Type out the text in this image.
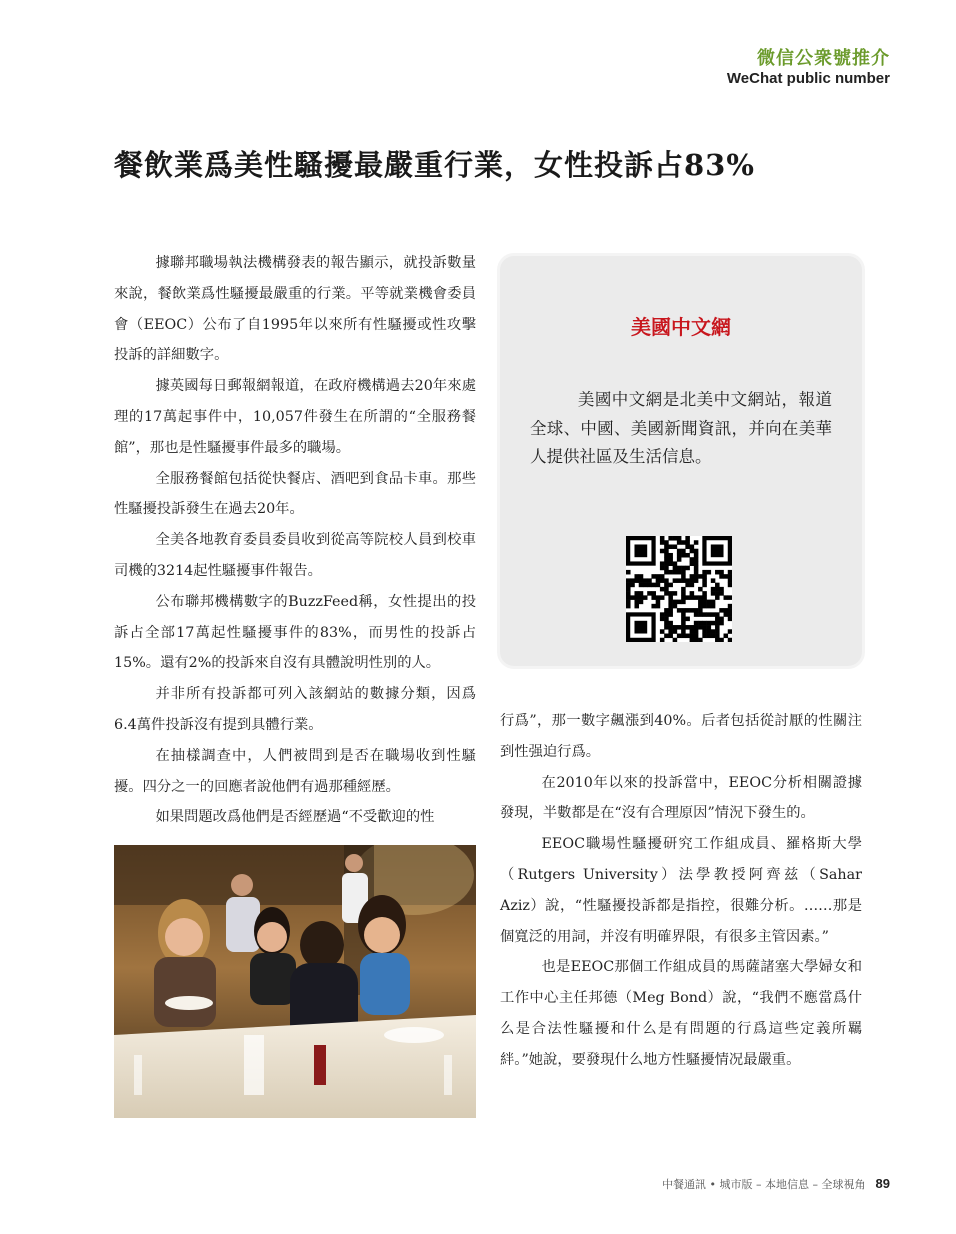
微信公衆號推介
WeChat public number
餐飲業爲美性騷擾最嚴重行業，女性投訴占83%

據聯邦職場執法機構發表的報告顯示，就投訴數量來說，餐飲業爲性騷擾最嚴重的行業。平等就業機會委員會（EEOC）公布了自1995年以來所有性騷擾或性攻擊投訴的詳細數字。

據英國每日郵報網報道，在政府機構過去20年來處理的17萬起事件中，10,057件發生在所謂的“全服務餐館”，那也是性騷擾事件最多的職場。

全服務餐館包括從快餐店、酒吧到食品卡車。那些性騷擾投訴發生在過去20年。

全美各地教育委員委員收到從高等院校人員到校車司機的3214起性騷擾事件報告。

公布聯邦機構數字的BuzzFeed稱，女性提出的投訴占全部17萬起性騷擾事件的83%，而男性的投訴占15%。還有2%的投訴來自沒有具體說明性別的人。

并非所有投訴都可列入該網站的數據分類，因爲6.4萬件投訴沒有提到具體行業。

在抽樣調查中，人們被問到是否在職場收到性騷擾。四分之一的回應者說他們有過那種經歷。

如果問題改爲他們是否經歷過“不受歡迎的性

美國中文網
美國中文網是北美中文網站，報道全球、中國、美國新聞資訊，并向在美華人提供社區及生活信息。

行爲”，那一數字飆漲到40%。后者包括從討厭的性關注到性强迫行爲。

在2010年以來的投訴當中，EEOC分析相關證據發現，半數都是在“沒有合理原因”情況下發生的。

EEOC職場性騷擾研究工作組成員、羅格斯大學（Rutgers University）法學教授阿齊兹（Sahar Aziz）說，“性騷擾投訴都是指控，很難分析。……那是個寬泛的用詞，并沒有明確界限，有很多主管因素。”

也是EEOC那個工作組成員的馬薩諸塞大學婦女和工作中心主任邦德（Meg Bond）說，“我們不應當爲什么是合法性騷擾和什么是有問題的行爲這些定義所羈絆。”她說，要發現什么地方性騷擾情况最嚴重。

中餐通訊 • 城市版 – 本地信息 – 全球視角 89
